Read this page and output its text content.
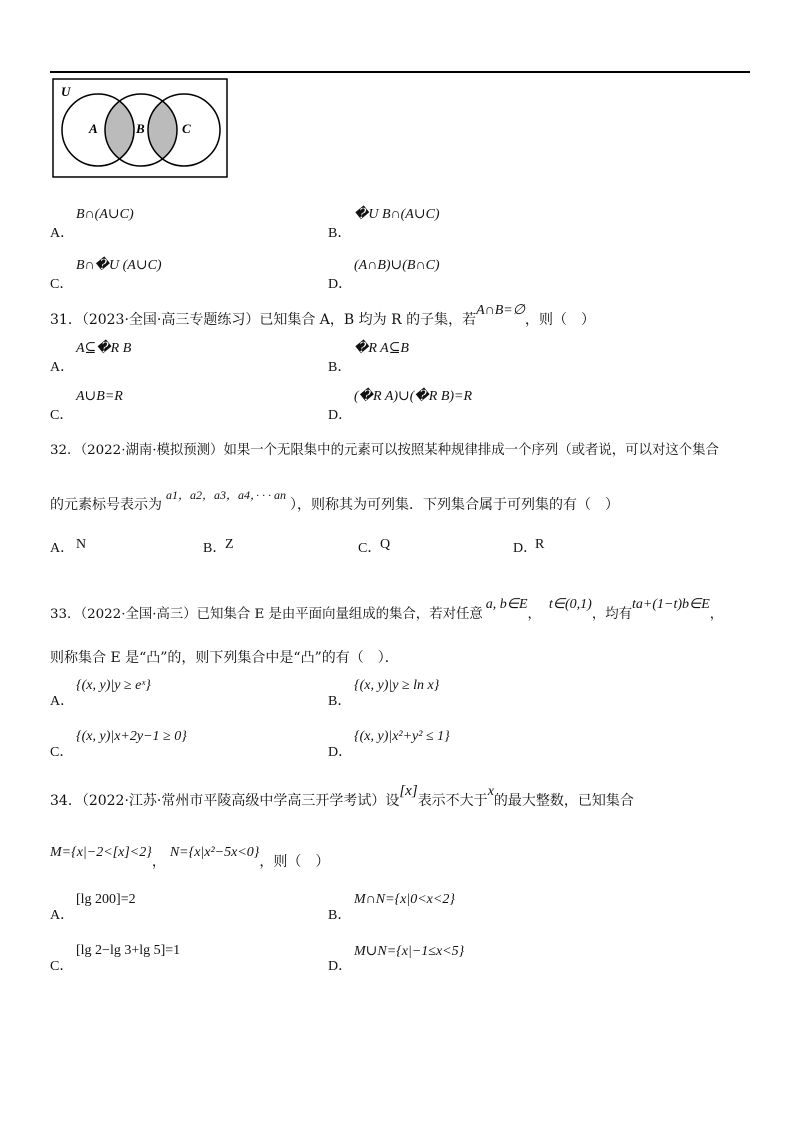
U
A	B	C
A．
B∩(A∪C)
B．
�U B∩(A∪C)
C．
B∩�U (A∪C)
D．
(A∩B)∪(B∩C)
31．（2023·全国·高三专题练习）已知集合 A，B 均为 R 的子集，若A∩B=∅，则（　）
A．
A⊆�R B
B．
�R A⊆B
C．
A∪B=R
D．
(�R A)∪(�R B)=R
32．（2022·湖南·模拟预测）如果一个无限集中的元素可以按照某种规律排成一个序列（或者说，可以对这个集合
的元素标号表示为a1，a2，a3，a4，· · · an），则称其为可列集．下列集合属于可列集的有（　）
A． N	B．
Z	C．
Q	D．
R
33．（2022·全国·高三）已知集合 E 是由平面向量组成的集合，若对任意a, b∈E，t∈(0,1)，均有ta+(1−t)b∈E，
则称集合 E 是“凸”的，则下列集合中是“凸”的有（　）．
A．
{(x, y)|y ≥ eˣ}
B．
{(x, y)|y ≥ ln x}
C．
{(x, y)|x+2y−1 ≥ 0}
D．
{(x, y)|x²+y² ≤ 1}
34．（2022·江苏·常州市平陵高级中学高三开学考试）设[x]表示不大于x的最大整数，已知集合
M={x|−2<[x]<2}，N={x|x²−5x<0}，则（　）
A．
[lg 200]=2
B．
M∩N={x|0<x<2}
C．
[lg 2−lg 3+lg 5]=1
D．
M∪N={x|−1≤x<5}
